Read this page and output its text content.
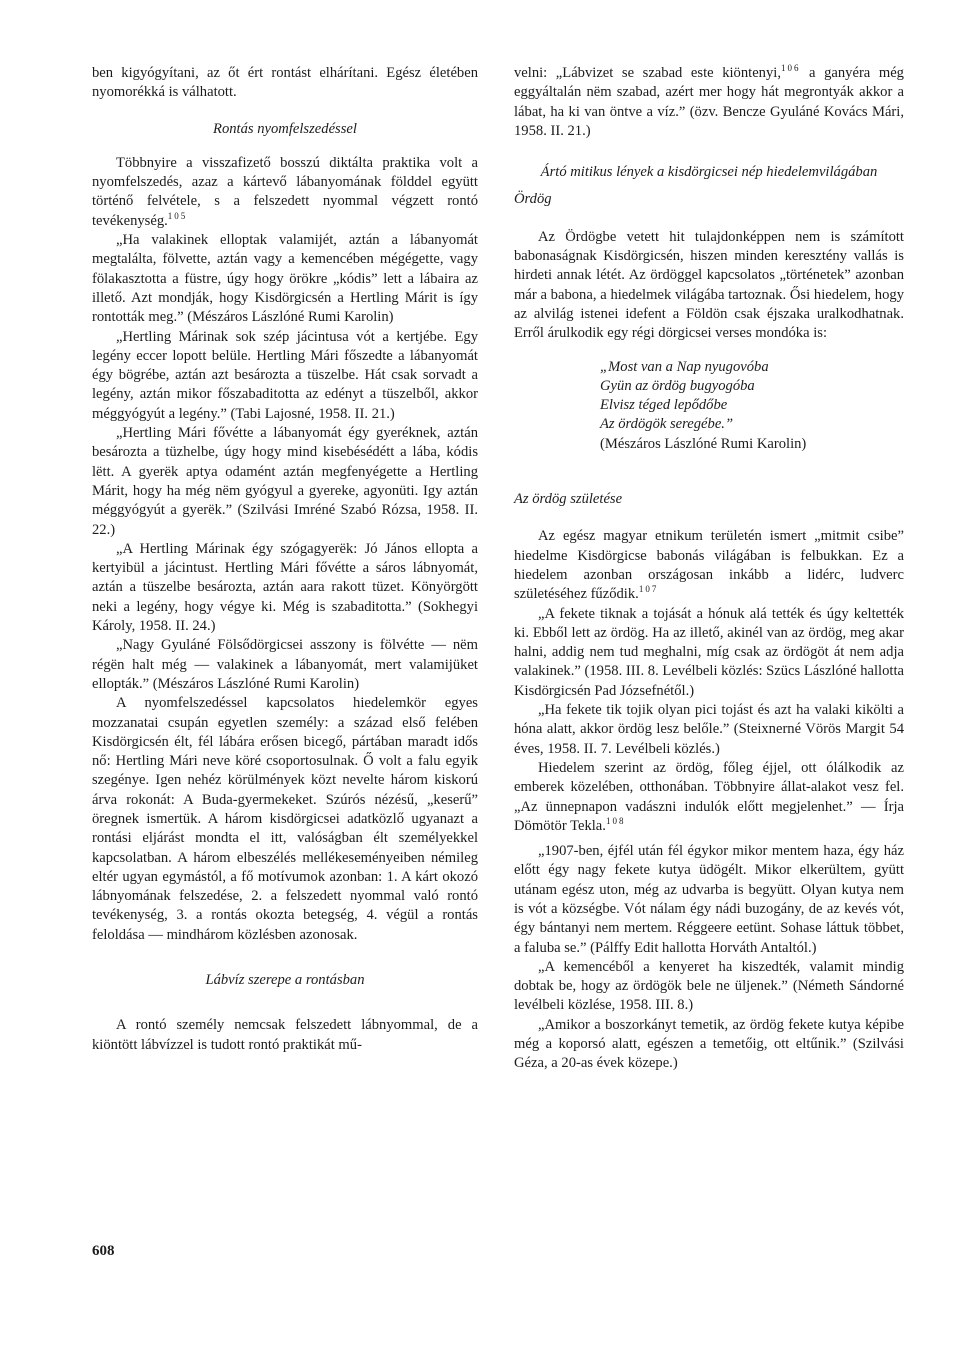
ben kigyógyítani, az őt ért rontást elhárítani. Egész életében nyomorékká is válhatott.

Rontás nyomfelszedéssel

Többnyire a visszafizető bosszú diktálta praktika volt a nyomfelszedés, azaz a kártevő lábanyomának földdel együtt történő felvétele, s a felszedett nyommal végzett rontó tevékenység.$^{105}$

„Ha valakinek elloptak valamijét, aztán a lábanyomát megtalálta, fölvette, aztán vagy a kemencében mégégette, vagy fölakasztotta a füstre, úgy hogy örökre „kódis” lett a lábaira az illető. Azt mondják, hogy Kisdörgicsén a Hertling Márit is így rontották meg.” (Mészáros Lászlóné Rumi Karolin)

„Hertling Márinak sok szép jácintusa vót a kertjébe. Egy legény eccer lopott belüle. Hertling Mári főszedte a lábanyomát égy bögrébe, aztán azt besározta a tüszelbe. Hát csak sorvadt a legény, aztán mikor főszabaditotta az edényt a tüszelből, akkor méggyógyút a legény.” (Tabi Lajosné, 1958. II. 21.)

„Hertling Mári fővétte a lábanyomát égy gyeréknek, aztán besározta a tüzhelbe, úgy hogy mind kisebésédétt a lába, kódis lëtt. A gyerëk aptya odamént aztán megfenyégette a Hertling Márit, hogy ha még nëm gyógyul a gyereke, agyonüti. Igy aztán méggyógyút a gyerëk.” (Szilvási Imréné Szabó Rózsa, 1958. II. 22.)

„A Hertling Márinak égy szógagyerëk: Jó János ellopta a kertyibül a jácintust. Hertling Mári fővétte a sáros lábnyomát, aztán a tüszelbe besározta, aztán aara rakott tüzet. Könyörgött neki a legény, hogy végye ki. Még is szabaditotta.” (Sokhegyi Károly, 1958. II. 24.)

„Nagy Gyuláné Fölsődörgicsei asszony is fölvétte — nëm régën halt még — valakinek a lábanyomát, mert valamijüket ellopták.” (Mészáros Lászlóné Rumi Karolin)

A nyomfelszedéssel kapcsolatos hiedelemkör egyes mozzanatai csupán egyetlen személy: a század első felében Kisdörgicsén élt, fél lábára erősen bicegő, pártában maradt idős nő: Hertling Mári neve köré csoportosulnak. Ő volt a falu egyik szegénye. Igen nehéz körülmények közt nevelte három kiskorú árva rokonát: A Buda-gyermekeket. Szúrós nézésű, „keserű” öregnek ismertük. A három kisdörgicsei adatközlő ugyanazt a rontási eljárást mondta el itt, valóságban élt személyekkel kapcsolatban. A három elbeszélés mellékeseményeiben némileg eltér ugyan egymástól, a fő motívumok azonban: 1. A kárt okozó lábnyomának felszedése, 2. a felszedett nyommal való rontó tevékenység, 3. a rontás okozta betegség, 4. végül a rontás feloldása — mindhárom közlésben azonosak.

Lábvíz szerepe a rontásban

A rontó személy nemcsak felszedett lábnyommal, de a kiöntött lábvízzel is tudott rontó praktikát mű-

velni: „Lábvizet se szabad este kiöntenyi,$^{106}$ a ganyéra még eggyáltalán nëm szabad, azért mer hogy hát megrontyák akkor a lábat, ha ki van öntve a víz.” (özv. Bencze Gyuláné Kovács Mári, 1958. II. 21.)

Ártó mitikus lények a kisdörgicsei nép hiedelemvilágában

Ördög

Az Ördögbe vetett hit tulajdonképpen nem is számított babonaságnak Kisdörgicsén, hiszen minden keresztény vallás is hirdeti annak létét. Az ördöggel kapcsolatos „történetek” azonban már a babona, a hiedelmek világába tartoznak. Ősi hiedelem, hogy az alvilág istenei idefent a Földön csak éjszaka uralkodhatnak. Erről árulkodik egy régi dörgicsei verses mondóka is:

„Most van a Nap nyugovóba
Gyün az ördög bugyogóba
Elvisz téged lepődőbe
Az ördögök seregébe.”
(Mészáros Lászlóné Rumi Karolin)

Az ördög születése

Az egész magyar etnikum területén ismert „mitmit csibe” hiedelme Kisdörgicse babonás világában is felbukkan. Ez a hiedelem azonban országosan inkább a lidérc, ludverc születéséhez fűződik.$^{107}$

„A fekete tiknak a tojását a hónuk alá tették és úgy keltették ki. Ebből lett az ördög. Ha az illető, akinél van az ördög, meg akar halni, addig nem tud meghalni, míg csak az ördögöt át nem adja valakinek.” (1958. III. 8. Levélbeli közlés: Szücs Lászlóné hallotta Kisdörgicsén Pad Józsefnétől.)

„Ha fekete tik tojik olyan pici tojást és azt ha valaki kikölti a hóna alatt, akkor ördög lesz belőle.” (Steixnerné Vörös Margit 54 éves, 1958. II. 7. Levélbeli közlés.)

Hiedelem szerint az ördög, főleg éjjel, ott ólálkodik az emberek közelében, otthonában. Többnyire állat-alakot vesz fel. „Az ünnepnapon vadászni indulók előtt megjelenhet.” — Írja Dömötör Tekla.$^{108}$

„1907-ben, éjfél után fél égykor mikor mentem haza, égy ház előtt égy nagy fekete kutya üdögélt. Mikor elkerültem, gyütt utánam egész uton, még az udvarba is begyütt. Olyan kutya nem is vót a községbe. Vót nálam égy nádi buzogány, de az kevés vót, égy bántanyi nem mertem. Réggeere eetünt. Sohase láttuk többet, a faluba se.” (Pálffy Edit hallotta Horváth Antaltól.)

„A kemencéből a kenyeret ha kiszedték, valamit mindig dobtak be, hogy az ördögök bele ne üljenek.” (Németh Sándorné levélbeli közlése, 1958. III. 8.)

„Amikor a boszorkányt temetik, az ördög fekete kutya képibe még a koporsó alatt, egészen a temetőig, ott eltűnik.” (Szilvási Géza, a 20-as évek közepe.)

608
